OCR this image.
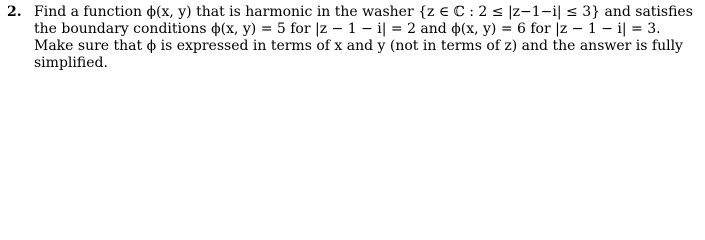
2. Find a function ϕ(x, y) that is harmonic in the washer {z ∈ ℂ : 2 ≤ |z−1−i| ≤ 3} and satisfies
the boundary conditions ϕ(x, y) = 5 for |z − 1 − i| = 2 and ϕ(x, y) = 6 for |z − 1 − i| = 3.
Make sure that ϕ is expressed in terms of x and y (not in terms of z) and the answer is fully
simplified.
